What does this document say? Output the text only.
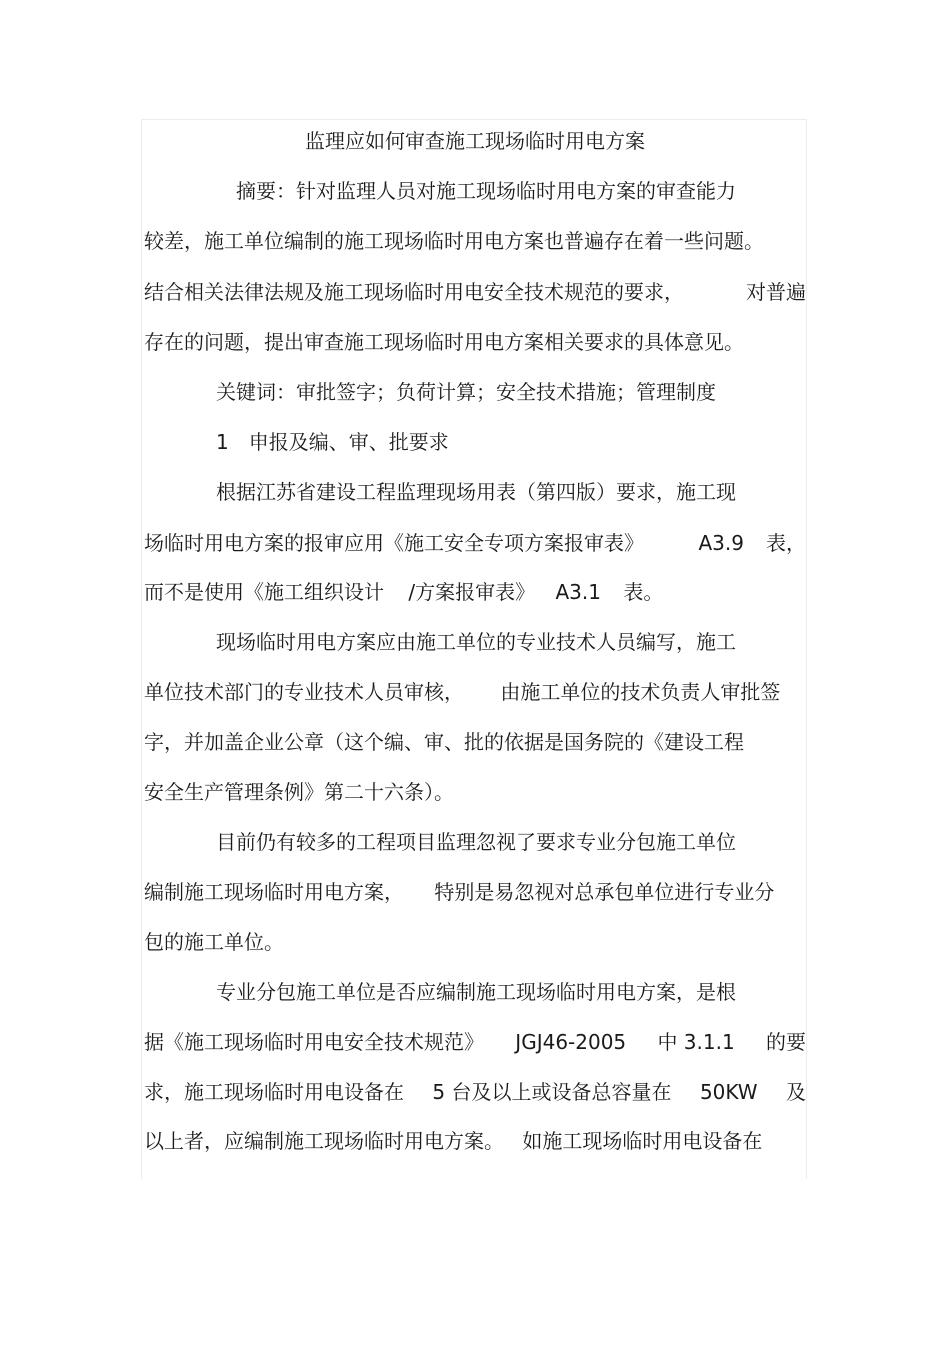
监理应如何审查施工现场临时用电方案
摘要：针对监理人员对施工现场临时用电方案的审查能力
较差，施工单位编制的施工现场临时用电方案也普遍存在着一些问题。
结合相关法律法规及施工现场临时用电安全技术规范的要求，	对普遍
存在的问题，提出审查施工现场临时用电方案相关要求的具体意见。
关键词：审批签字；负荷计算；安全技术措施；管理制度
1　申报及编、审、批要求
根据江苏省建设工程监理现场用表（第四版）要求，施工现
场临时用电方案的报审应用《施工安全专项方案报审表》	A3.9 表，
而不是使用《施工组织设计 /方案报审表》 A3.1 表。
现场临时用电方案应由施工单位的专业技术人员编写，施工
单位技术部门的专业技术人员审核， 由施工单位的技术负责人审批签
字，并加盖企业公章（这个编、审、批的依据是国务院的《建设工程
安全生产管理条例》第二十六条）。
目前仍有较多的工程项目监理忽视了要求专业分包施工单位
编制施工现场临时用电方案， 特别是易忽视对总承包单位进行专业分
包的施工单位。
专业分包施工单位是否应编制施工现场临时用电方案，是根
据《施工现场临时用电安全技术规范》 JGJ46-2005 中 3.1.1 的要
求，施工现场临时用电设备在 5 台及以上或设备总容量在 50KW 及
以上者，应编制施工现场临时用电方案。 如施工现场临时用电设备在
